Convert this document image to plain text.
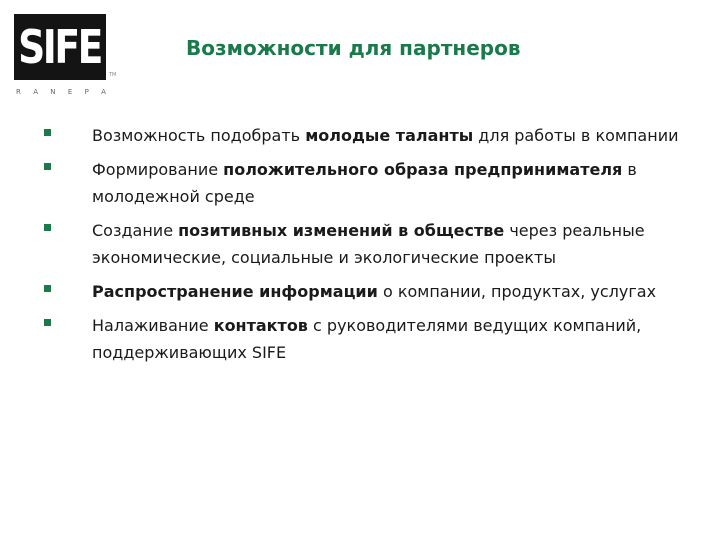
SIFE
TM
R A N E P A
Возможности для партнеров
Возможность подобрать молодые таланты для работы в компании
Формирование положительного образа предпринимателя в молодежной среде
Создание позитивных изменений в обществе через реальные экономические, социальные и экологические проекты
Распространение информации о компании, продуктах, услугах
Налаживание контактов с руководителями ведущих компаний, поддерживающих SIFE
